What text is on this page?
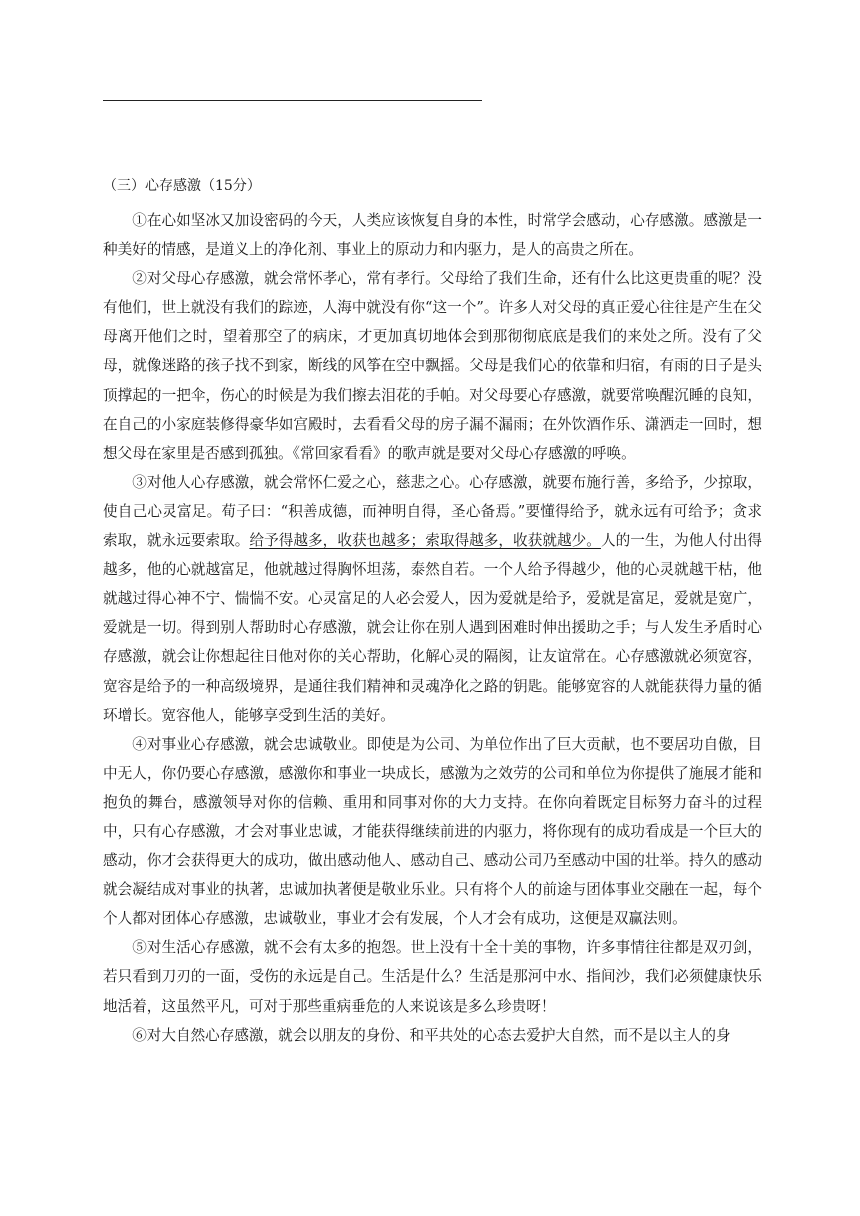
（三）心存感激（15分）

①在心如坚冰又加设密码的今天，人类应该恢复自身的本性，时常学会感动，心存感激。感激是一种美好的情感，是道义上的净化剂、事业上的原动力和内驱力，是人的高贵之所在。

②对父母心存感激，就会常怀孝心，常有孝行。父母给了我们生命，还有什么比这更贵重的呢？没有他们，世上就没有我们的踪迹，人海中就没有你“这一个”。许多人对父母的真正爱心往往是产生在父母离开他们之时，望着那空了的病床，才更加真切地体会到那彻彻底底是我们的来处之所。没有了父母，就像迷路的孩子找不到家，断线的风筝在空中飘摇。父母是我们心的依靠和归宿，有雨的日子是头顶撑起的一把伞，伤心的时候是为我们擦去泪花的手帕。对父母要心存感激，就要常唤醒沉睡的良知，在自己的小家庭装修得豪华如宫殿时，去看看父母的房子漏不漏雨；在外饮酒作乐、潇洒走一回时，想想父母在家里是否感到孤独。《常回家看看》的歌声就是要对父母心存感激的呼唤。

③对他人心存感激，就会常怀仁爱之心，慈悲之心。心存感激，就要布施行善，多给予，少掠取，使自己心灵富足。荀子曰：“积善成德，而神明自得，圣心备焉。”要懂得给予，就永远有可给予；贪求索取，就永远要索取。给予得越多，收获也越多；索取得越多，收获就越少。人的一生，为他人付出得越多，他的心就越富足，他就越过得胸怀坦荡，泰然自若。一个人给予得越少，他的心灵就越干枯，他就越过得心神不宁、惴惴不安。心灵富足的人必会爱人，因为爱就是给予，爱就是富足，爱就是宽广，爱就是一切。得到别人帮助时心存感激，就会让你在别人遇到困难时伸出援助之手；与人发生矛盾时心存感激，就会让你想起往日他对你的关心帮助，化解心灵的隔阂，让友谊常在。心存感激就必须宽容，宽容是给予的一种高级境界，是通往我们精神和灵魂净化之路的钥匙。能够宽容的人就能获得力量的循环增长。宽容他人，能够享受到生活的美好。

④对事业心存感激，就会忠诚敬业。即使是为公司、为单位作出了巨大贡献，也不要居功自傲，目中无人，你仍要心存感激，感激你和事业一块成长，感激为之效劳的公司和单位为你提供了施展才能和抱负的舞台，感激领导对你的信赖、重用和同事对你的大力支持。在你向着既定目标努力奋斗的过程中，只有心存感激，才会对事业忠诚，才能获得继续前进的内驱力，将你现有的成功看成是一个巨大的感动，你才会获得更大的成功，做出感动他人、感动自己、感动公司乃至感动中国的壮举。持久的感动就会凝结成对事业的执著，忠诚加执著便是敬业乐业。只有将个人的前途与团体事业交融在一起，每个个人都对团体心存感激，忠诚敬业，事业才会有发展，个人才会有成功，这便是双赢法则。

⑤对生活心存感激，就不会有太多的抱怨。世上没有十全十美的事物，许多事情往往都是双刃剑，若只看到刀刃的一面，受伤的永远是自己。生活是什么？生活是那河中水、指间沙，我们必须健康快乐地活着，这虽然平凡，可对于那些重病垂危的人来说该是多么珍贵呀！

⑥对大自然心存感激，就会以朋友的身份、和平共处的心态去爱护大自然，而不是以主人的身
